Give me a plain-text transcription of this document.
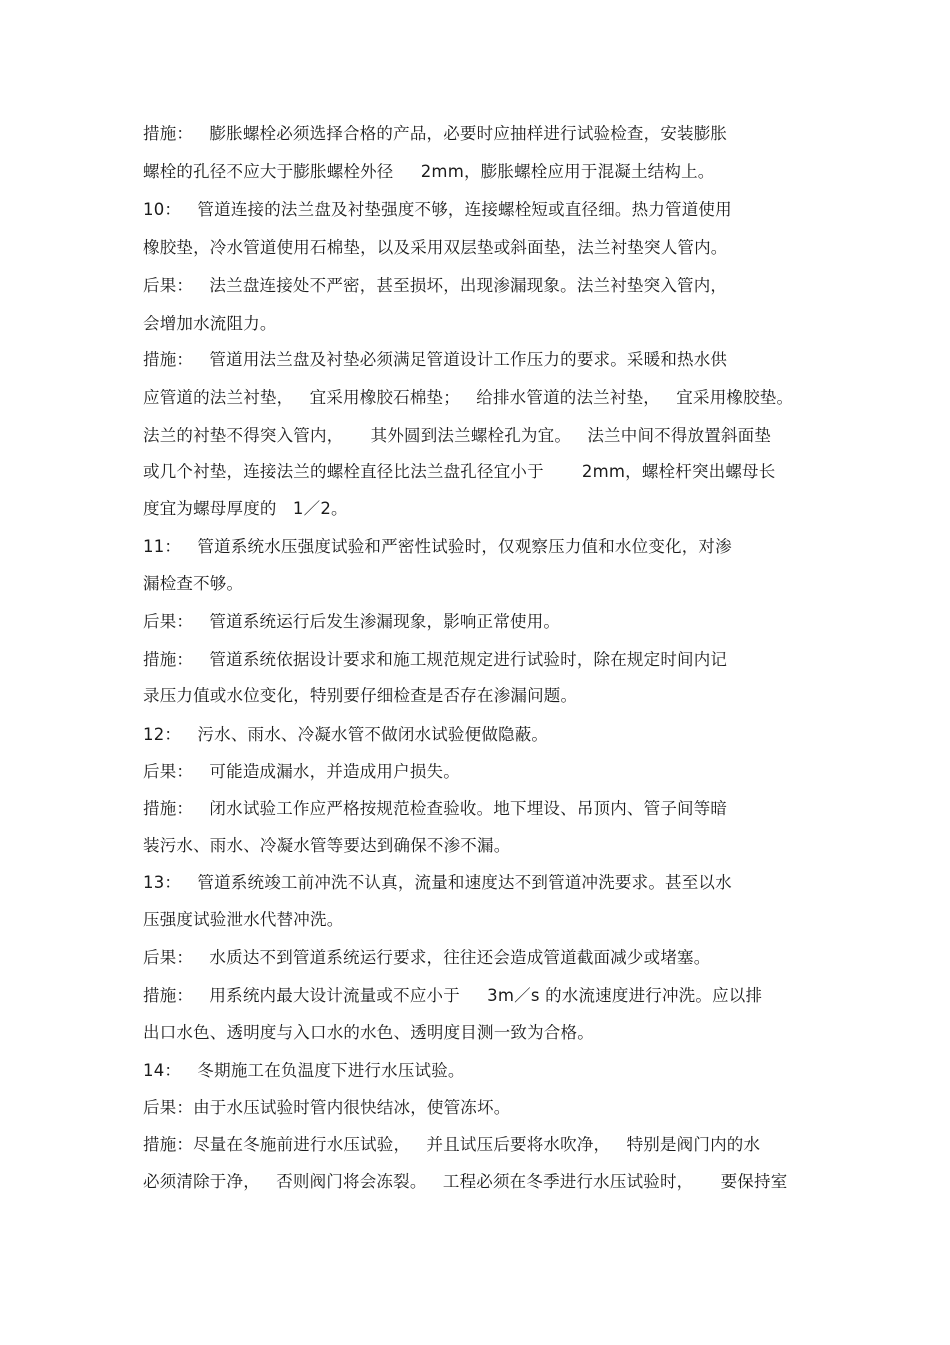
措施：   膨胀螺栓必须选择合格的产品，必要时应抽样进行试验检查，安装膨胀
螺栓的孔径不应大于膨胀螺栓外径     2mm，膨胀螺栓应用于混凝土结构上。
10：   管道连接的法兰盘及衬垫强度不够，连接螺栓短或直径细。热力管道使用
橡胶垫，冷水管道使用石棉垫，以及采用双层垫或斜面垫，法兰衬垫突人管内。
后果：   法兰盘连接处不严密，甚至损坏，出现渗漏现象。法兰衬垫突入管内，
会增加水流阻力。
措施：   管道用法兰盘及衬垫必须满足管道设计工作压力的要求。采暖和热水供
应管道的法兰衬垫，   宜采用橡胶石棉垫；   给排水管道的法兰衬垫，   宜采用橡胶垫。
法兰的衬垫不得突入管内，     其外圆到法兰螺栓孔为宜。   法兰中间不得放置斜面垫
或几个衬垫，连接法兰的螺栓直径比法兰盘孔径宜小于       2mm，螺栓杆突出螺母长
度宜为螺母厚度的   1／2。
11：   管道系统水压强度试验和严密性试验时，仅观察压力值和水位变化，对渗
漏检查不够。
后果：   管道系统运行后发生渗漏现象，影响正常使用。
措施：   管道系统依据设计要求和施工规范规定进行试验时，除在规定时间内记
录压力值或水位变化，特别要仔细检查是否存在渗漏问题。
12：   污水、雨水、冷凝水管不做闭水试验便做隐蔽。
后果：   可能造成漏水，并造成用户损失。
措施：   闭水试验工作应严格按规范检查验收。地下埋设、吊顶内、管子间等暗
装污水、雨水、冷凝水管等要达到确保不渗不漏。
13：   管道系统竣工前冲洗不认真，流量和速度达不到管道冲洗要求。甚至以水
压强度试验泄水代替冲洗。
后果：   水质达不到管道系统运行要求，往往还会造成管道截面减少或堵塞。
措施：   用系统内最大设计流量或不应小于     3m／s 的水流速度进行冲洗。应以排
出口水色、透明度与入口水的水色、透明度目测一致为合格。
14：   冬期施工在负温度下进行水压试验。
后果：由于水压试验时管内很快结冰，使管冻坏。
措施：尽量在冬施前进行水压试验，   并且试压后要将水吹净，   特别是阀门内的水
必须清除于净，   否则阀门将会冻裂。   工程必须在冬季进行水压试验时，     要保持室
